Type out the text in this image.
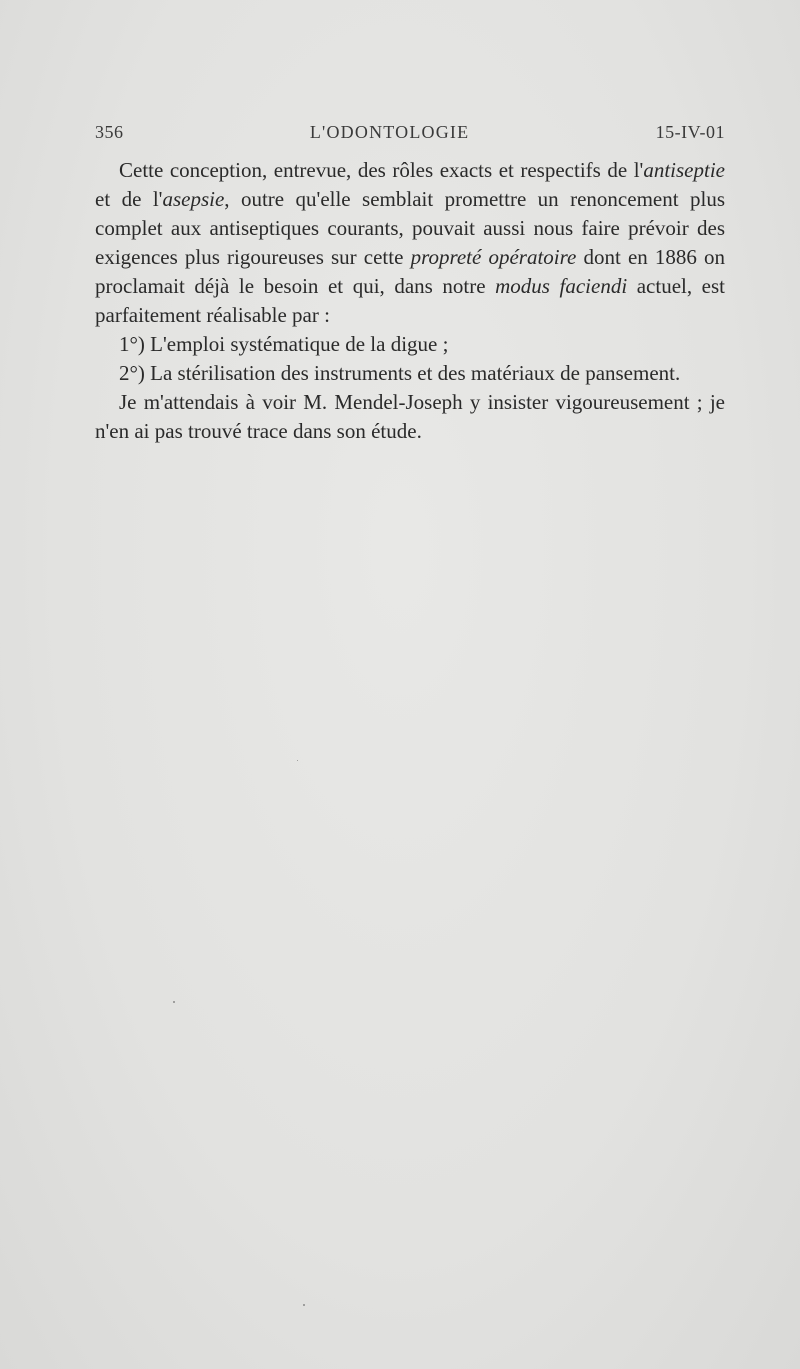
356	L'ODONTOLOGIE	15-IV-01

Cette conception, entrevue, des rôles exacts et respectifs de l'antiseptie et de l'asepsie, outre qu'elle semblait promettre un renoncement plus complet aux antiseptiques courants, pouvait aussi nous faire prévoir des exigences plus rigoureuses sur cette propreté opératoire dont en 1886 on proclamait déjà le besoin et qui, dans notre modus faciendi actuel, est parfaitement réalisable par :

1°) L'emploi systématique de la digue ;

2°) La stérilisation des instruments et des matériaux de pansement.

Je m'attendais à voir M. Mendel-Joseph y insister vigoureusement ; je n'en ai pas trouvé trace dans son étude.
